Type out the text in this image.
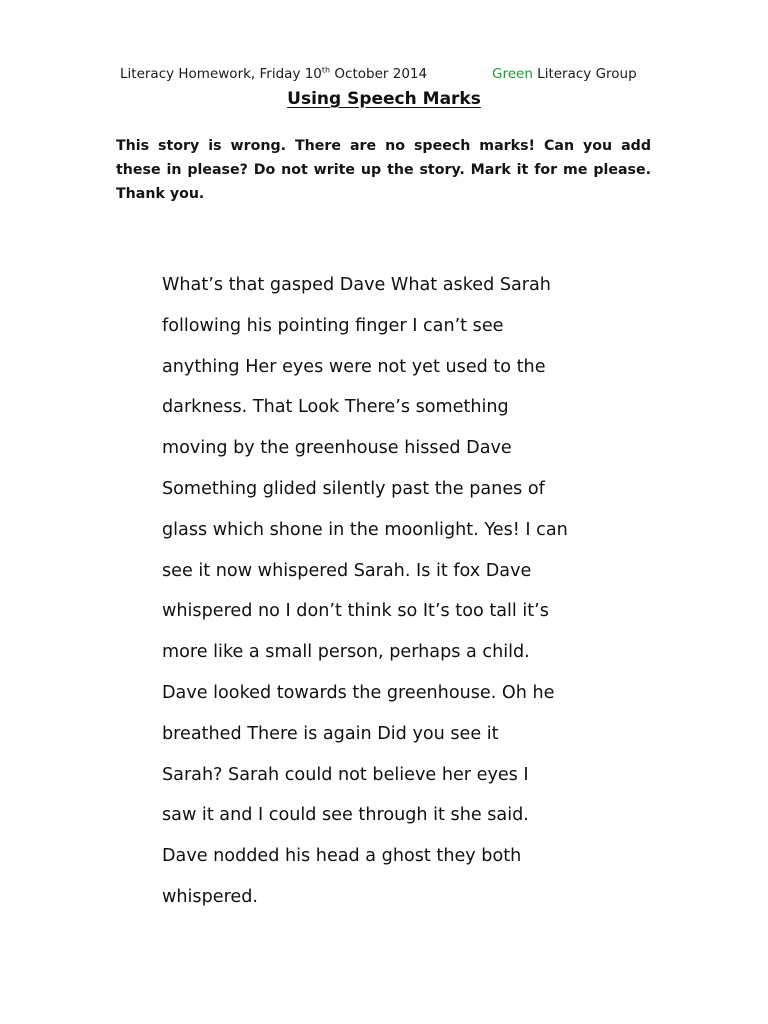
Literacy Homework, Friday 10th October 2014	Green Literacy Group
Using Speech Marks
This story is wrong. There are no speech marks! Can you add these in please? Do not write up the story. Mark it for me please. Thank you.
What’s that gasped Dave What asked Sarah
following his pointing finger I can’t see
anything Her eyes were not yet used to the
darkness. That Look There’s something
moving by the greenhouse hissed Dave
Something glided silently past the panes of
glass which shone in the moonlight. Yes! I can
see it now whispered Sarah. Is it fox Dave
whispered no I don’t think so It’s too tall it’s
more like a small person, perhaps a child.
Dave looked towards the greenhouse. Oh he
breathed There is again Did you see it
Sarah? Sarah could not believe her eyes I
saw it and I could see through it she said.
Dave nodded his head a ghost they both
whispered.
